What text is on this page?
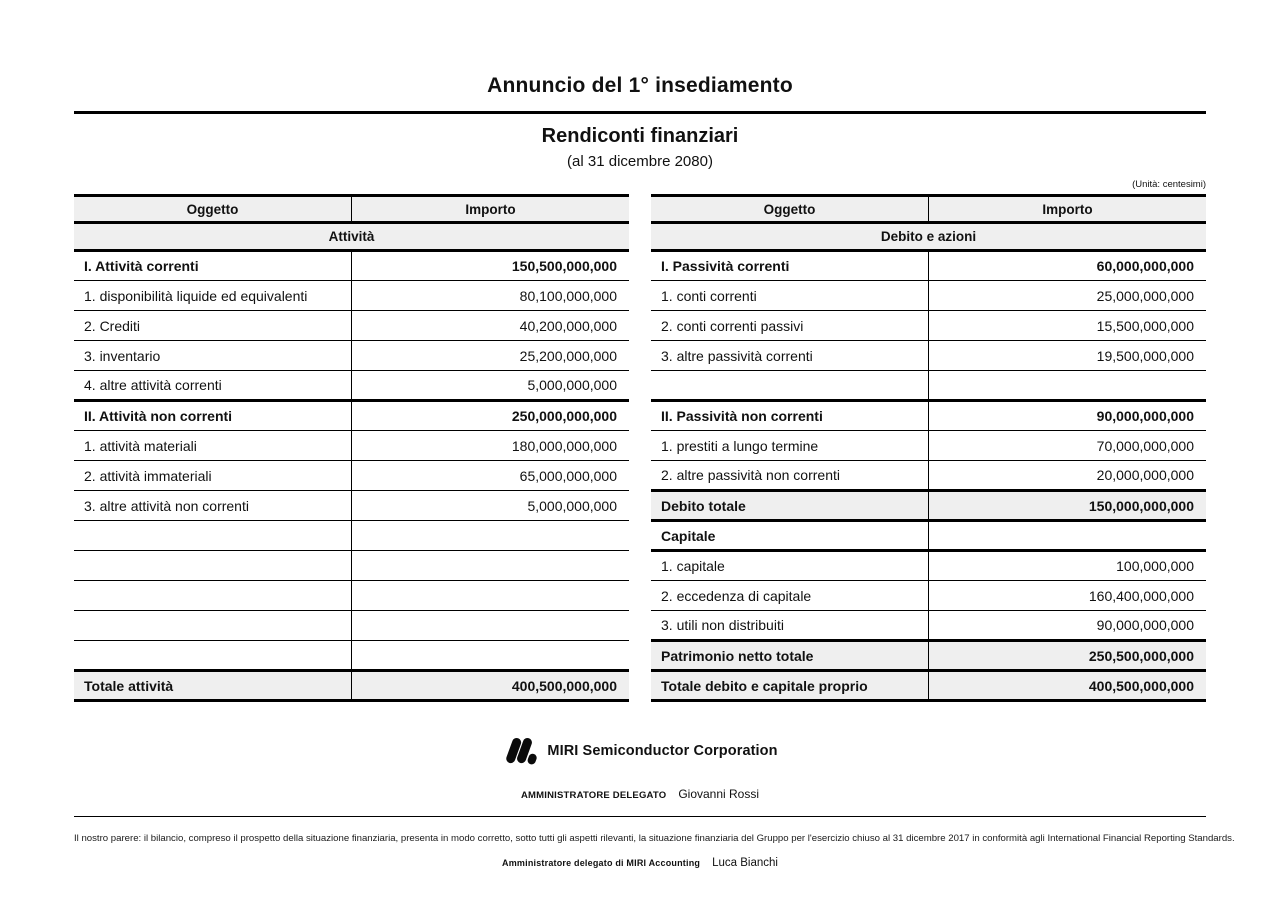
Annuncio del 1° insediamento
Rendiconti finanziari
(al 31 dicembre 2080)
(Unità: centesimi)
Oggetto	Importo
Attività	
I. Attività correnti	150,500,000,000
1. disponibilità liquide ed equivalenti	80,100,000,000
2. Crediti	40,200,000,000
3. inventario	25,200,000,000
4. altre attività correnti	5,000,000,000
II. Attività non correnti	250,000,000,000
1. attività materiali	180,000,000,000
2. attività immateriali	65,000,000,000
3. altre attività non correnti	5,000,000,000

Totale attività	400,500,000,000
Oggetto	Importo
Debito e azioni	
I. Passività correnti	60,000,000,000
1. conti correnti	25,000,000,000
2. conti correnti passivi	15,500,000,000
3. altre passività correnti	19,500,000,000

II. Passività non correnti	90,000,000,000
1. prestiti a lungo termine	70,000,000,000
2. altre passività non correnti	20,000,000,000
Debito totale	150,000,000,000
Capitale	
1. capitale	100,000,000
2. eccedenza di capitale	160,400,000,000
3. utili non distribuiti	90,000,000,000
Patrimonio netto totale	250,500,000,000
Totale debito e capitale proprio	400,500,000,000
MIRI Semiconductor Corporation
AMMINISTRATORE DELEGATO Giovanni Rossi
Il nostro parere: il bilancio, compreso il prospetto della situazione finanziaria, presenta in modo corretto, sotto tutti gli aspetti rilevanti, la situazione finanziaria del Gruppo per l'esercizio chiuso al 31 dicembre 2017 in conformità agli International Financial Reporting Standards.
Amministratore delegato di MIRI Accounting Luca Bianchi
